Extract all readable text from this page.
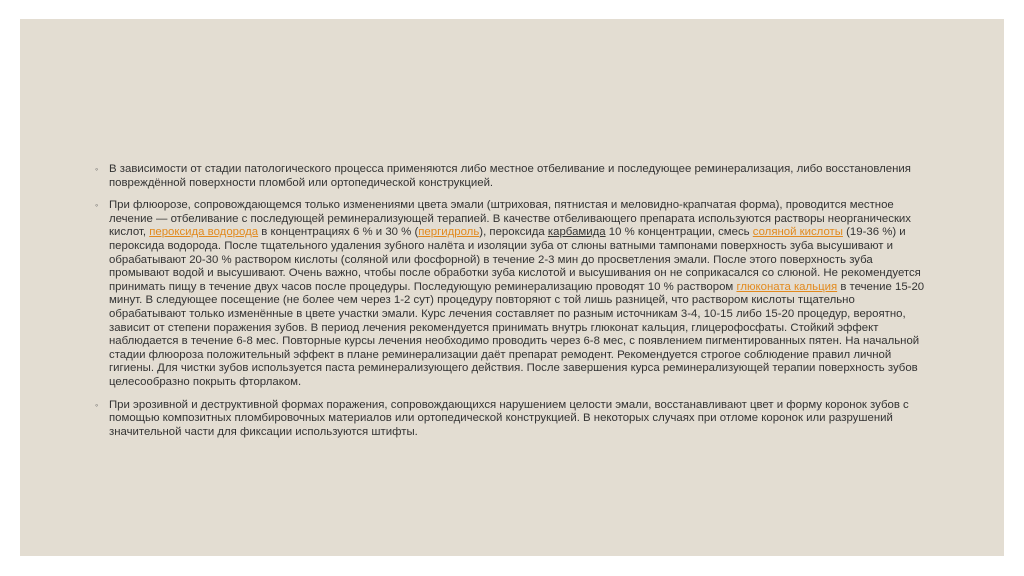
◦ В зависимости от стадии патологического процесса применяются либо местное отбеливание и последующее реминерализация, либо восстановления повреждённой поверхности пломбой или ортопедической конструкцией.
◦ При флюорозе, сопровождающемся только изменениями цвета эмали (штриховая, пятнистая и меловидно-крапчатая форма), проводится местное лечение — отбеливание с последующей реминерализующей терапией. В качестве отбеливающего препарата используются растворы неорганических кислот, пероксида водорода в концентрациях 6 % и 30 % (пергидроль), пероксида карбамида 10 % концентрации, смесь соляной кислоты (19-36 %) и пероксида водорода. После тщательного удаления зубного налёта и изоляции зуба от слюны ватными тампонами поверхность зуба высушивают и обрабатывают 20-30 % раствором кислоты (соляной или фосфорной) в течение 2-3 мин до просветления эмали. После этого поверхность зуба промывают водой и высушивают. Очень важно, чтобы после обработки зуба кислотой и высушивания он не соприкасался со слюной. Не рекомендуется принимать пищу в течение двух часов после процедуры. Последующую реминерализацию проводят 10 % раствором глюконата кальция в течение 15-20 минут. В следующее посещение (не более чем через 1-2 сут) процедуру повторяют с той лишь разницей, что раствором кислоты тщательно обрабатывают только изменённые в цвете участки эмали. Курс лечения составляет по разным источникам 3-4, 10-15 либо 15-20 процедур, вероятно, зависит от степени поражения зубов. В период лечения рекомендуется принимать внутрь глюконат кальция, глицерофосфаты. Стойкий эффект наблюдается в течение 6-8 мес. Повторные курсы лечения необходимо проводить через 6-8 мес, с появлением пигментированных пятен. На начальной стадии флюороза положительный эффект в плане реминерализации даёт препарат ремодент. Рекомендуется строгое соблюдение правил личной гигиены. Для чистки зубов используется паста реминерализующего действия. После завершения курса реминерализующей терапии поверхность зубов целесообразно покрыть фторлаком.
◦ При эрозивной и деструктивной формах поражения, сопровождающихся нарушением целости эмали, восстанавливают цвет и форму коронок зубов с помощью композитных пломбировочных материалов или ортопедической конструкцией. В некоторых случаях при отломе коронок или разрушений значительной части для фиксации используются штифты.
